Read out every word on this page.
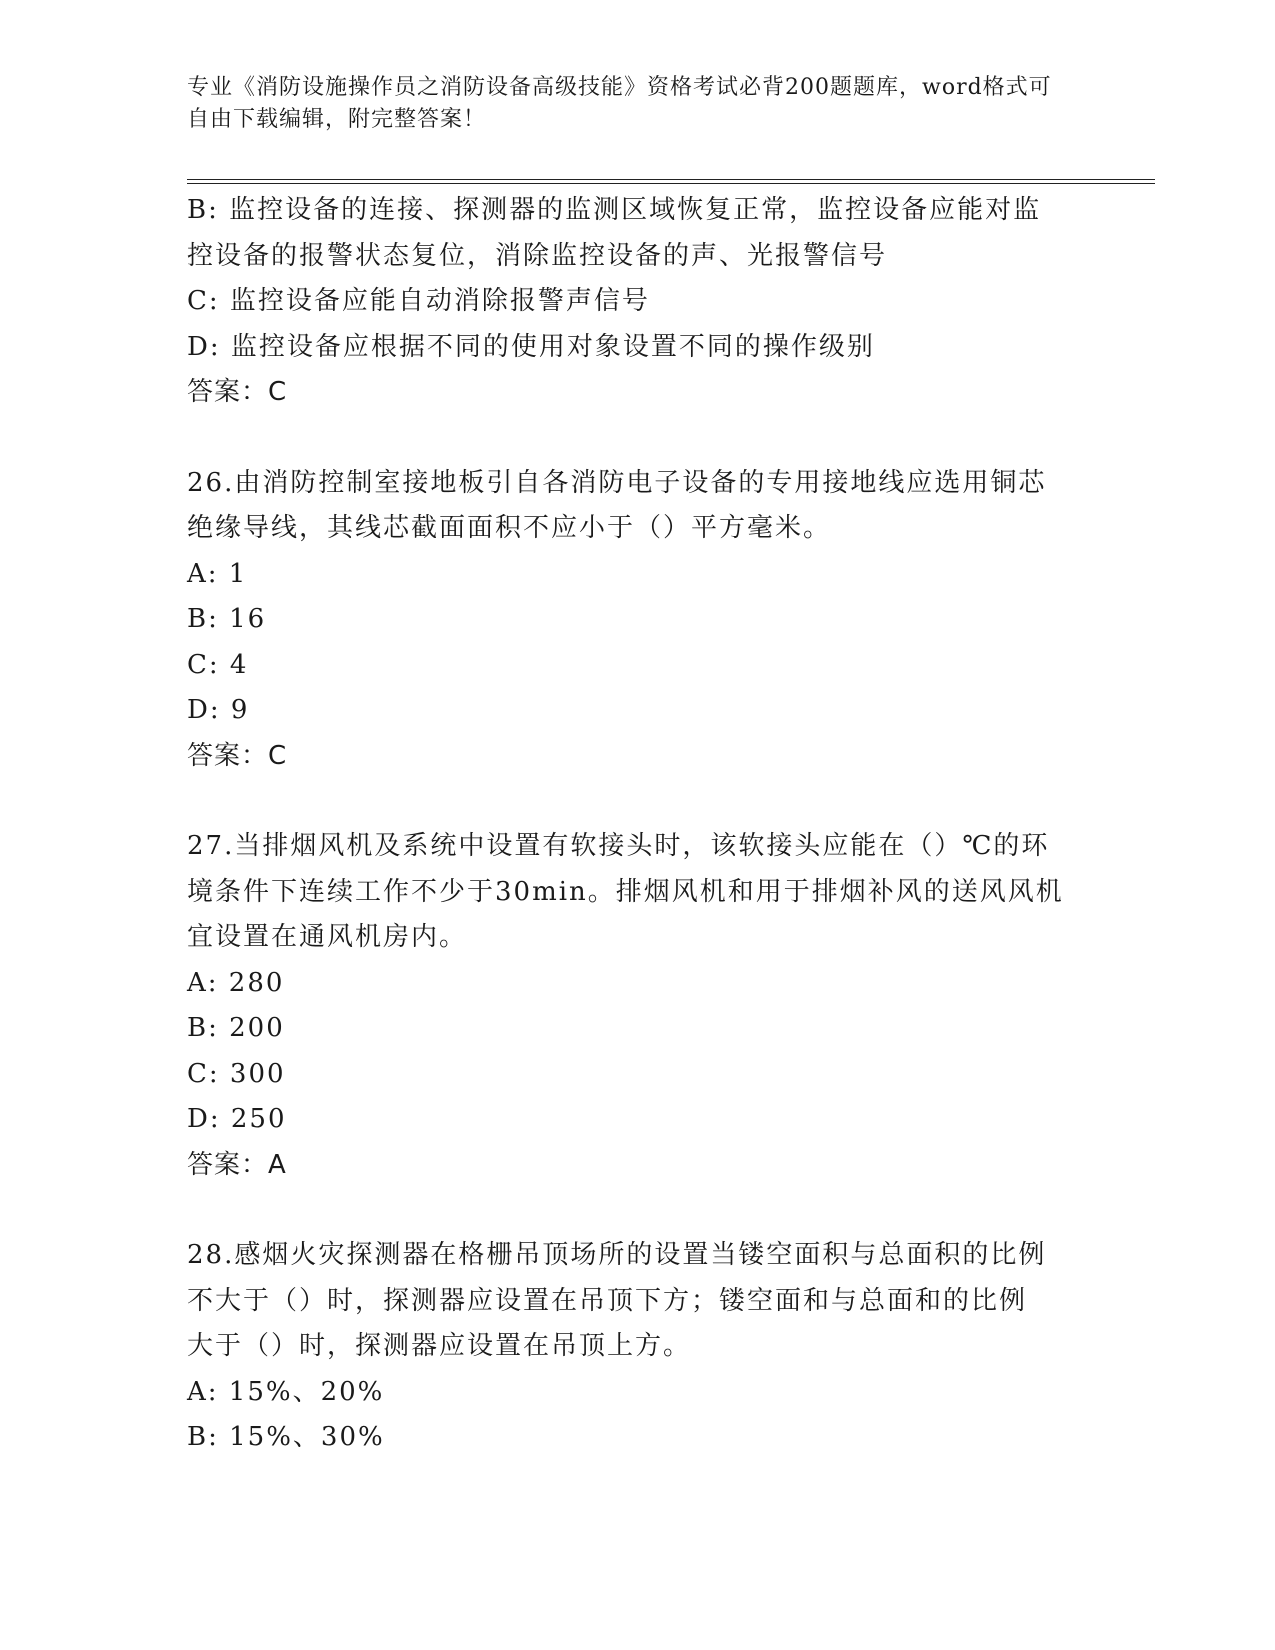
专业《消防设施操作员之消防设备高级技能》资格考试必背200题题库，word格式可自由下载编辑，附完整答案！
B: 监控设备的连接、探测器的监测区域恢复正常，监控设备应能对监
控设备的报警状态复位，消除监控设备的声、光报警信号
C: 监控设备应能自动消除报警声信号
D: 监控设备应根据不同的使用对象设置不同的操作级别
答案：C
26.由消防控制室接地板引自各消防电子设备的专用接地线应选用铜芯
绝缘导线，其线芯截面面积不应小于（）平方毫米。
A: 1
B: 16
C: 4
D: 9
答案：C
27.当排烟风机及系统中设置有软接头时，该软接头应能在（）℃的环
境条件下连续工作不少于30min。排烟风机和用于排烟补风的送风风机
宜设置在通风机房内。
A: 280
B: 200
C: 300
D: 250
答案：A
28.感烟火灾探测器在格栅吊顶场所的设置当镂空面积与总面积的比例
不大于（）时，探测器应设置在吊顶下方；镂空面和与总面和的比例
大于（）时，探测器应设置在吊顶上方。
A: 15%、20%
B: 15%、30%
